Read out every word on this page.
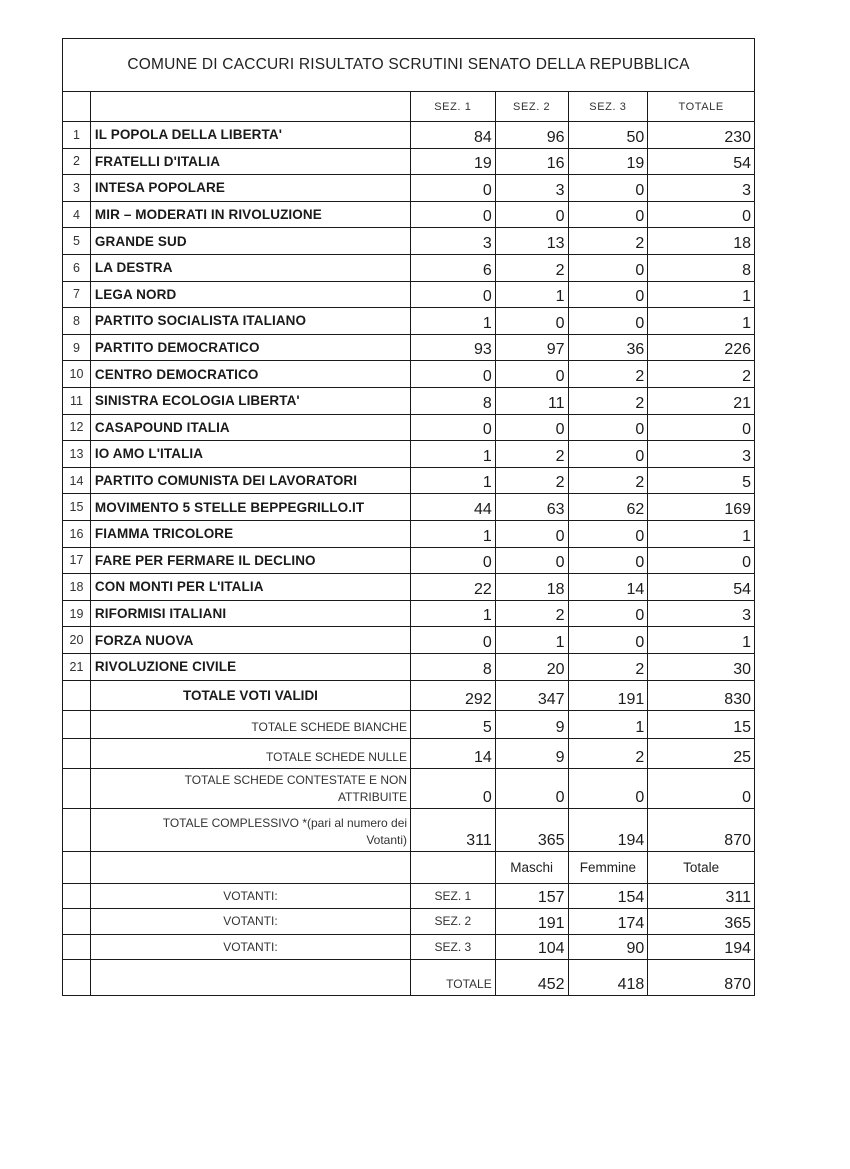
COMUNE DI CACCURI RISULTATO SCRUTINI SENATO DELLA REPUBBLICA
SEZ. 1	SEZ. 2	SEZ. 3	TOTALE
1	IL POPOLA DELLA LIBERTA'	84	96	50	230
2	FRATELLI D'ITALIA	19	16	19	54
3	INTESA POPOLARE	0	3	0	3
4	MIR – MODERATI IN RIVOLUZIONE	0	0	0	0
5	GRANDE SUD	3	13	2	18
6	LA DESTRA	6	2	0	8
7	LEGA NORD	0	1	0	1
8	PARTITO SOCIALISTA ITALIANO	1	0	0	1
9	PARTITO DEMOCRATICO	93	97	36	226
10 CENTRO DEMOCRATICO	0	0	2	2
11 SINISTRA ECOLOGIA LIBERTA'	8	11	2	21
12 CASAPOUND ITALIA	0	0	0	0
13 IO AMO L'ITALIA	1	2	0	3
14 PARTITO COMUNISTA DEI LAVORATORI	1	2	2	5
15 MOVIMENTO 5 STELLE BEPPEGRILLO.IT	44	63	62	169
16 FIAMMA TRICOLORE	1	0	0	1
17 FARE PER FERMARE IL DECLINO	0	0	0	0
18 CON MONTI PER L'ITALIA	22	18	14	54
19 RIFORMISI ITALIANI	1	2	0	3
20 FORZA NUOVA	0	1	0	1
21 RIVOLUZIONE CIVILE	8	20	2	30
TOTALE VOTI VALIDI	292	347	191	830
TOTALE SCHEDE BIANCHE	5	9	1	15
TOTALE SCHEDE NULLE	14	9	2	25
TOTALE SCHEDE CONTESTATE E NON ATTRIBUITE	0	0	0	0
TOTALE COMPLESSIVO *(pari al numero dei Votanti)	311	365	194	870
Maschi	Femmine	Totale
VOTANTI:	SEZ. 1	157	154	311
VOTANTI:	SEZ. 2	191	174	365
VOTANTI:	SEZ. 3	104	90	194
TOTALE	452	418	870
